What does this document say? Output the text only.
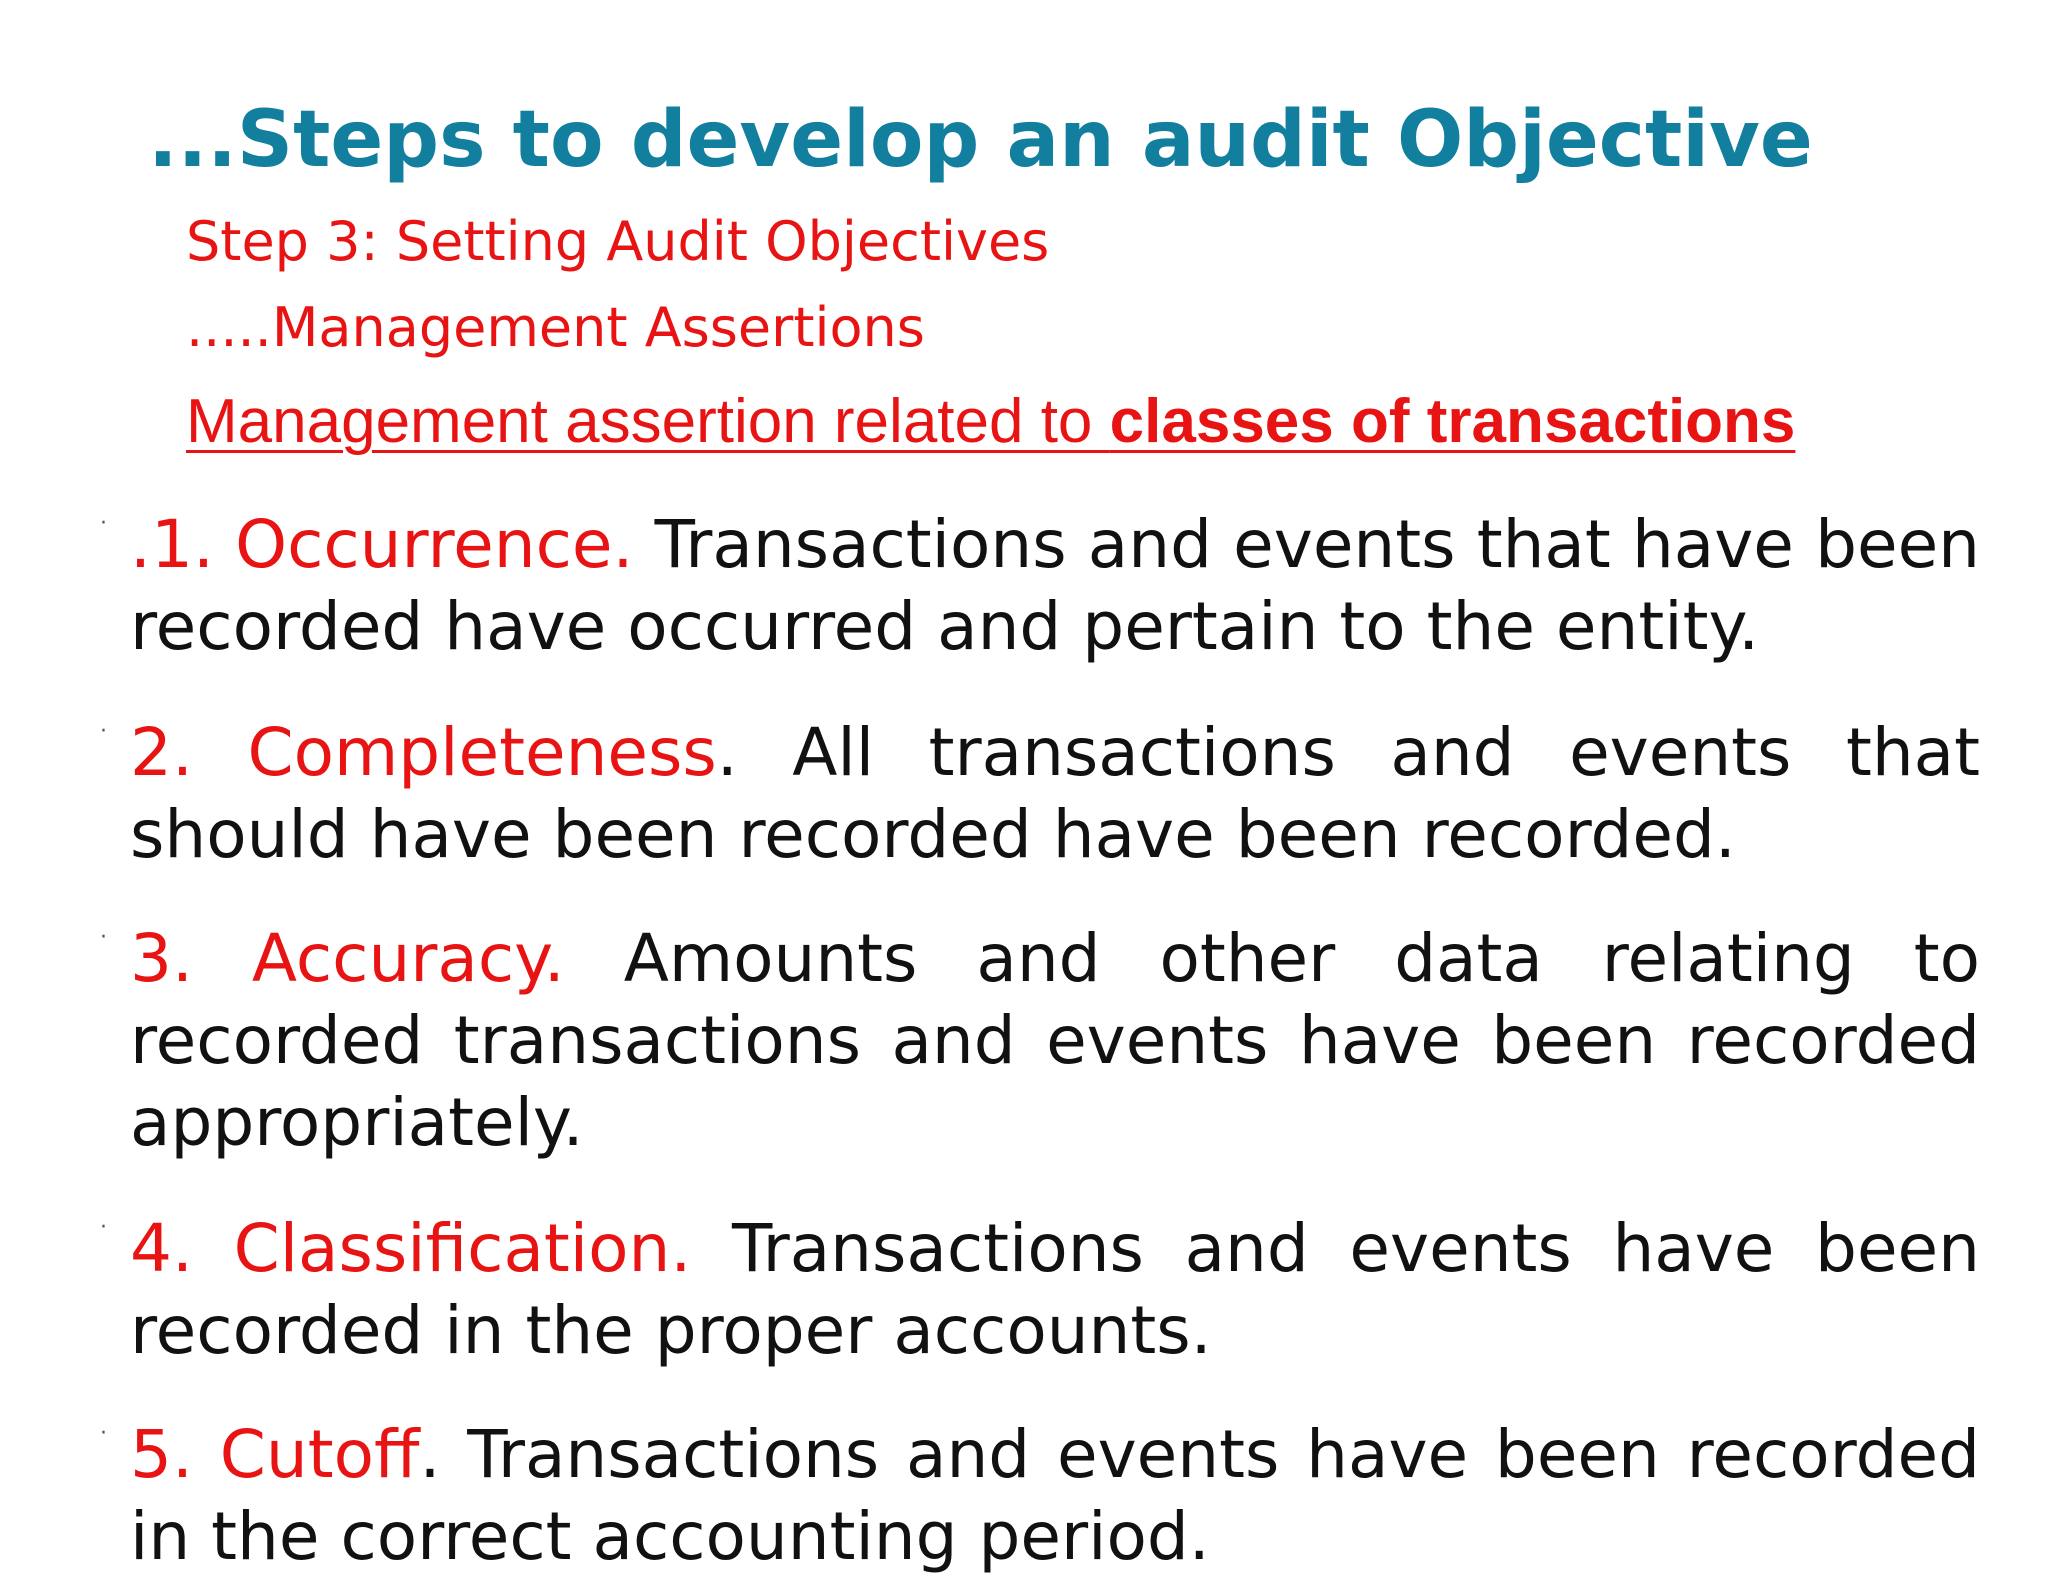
...Steps to develop an audit Objective
Step 3: Setting Audit Objectives
.....Management Assertions
Management assertion related to classes of transactions
· .1. Occurrence. Transactions and events that have been recorded have occurred and pertain to the entity.
· 2. Completeness. All transactions and events that should have been recorded have been recorded.
· 3. Accuracy. Amounts and other data relating to recorded transactions and events have been recorded appropriately.
· 4. Classification. Transactions and events have been recorded in the proper accounts.
· 5. Cutoff. Transactions and events have been recorded in the correct accounting period.
